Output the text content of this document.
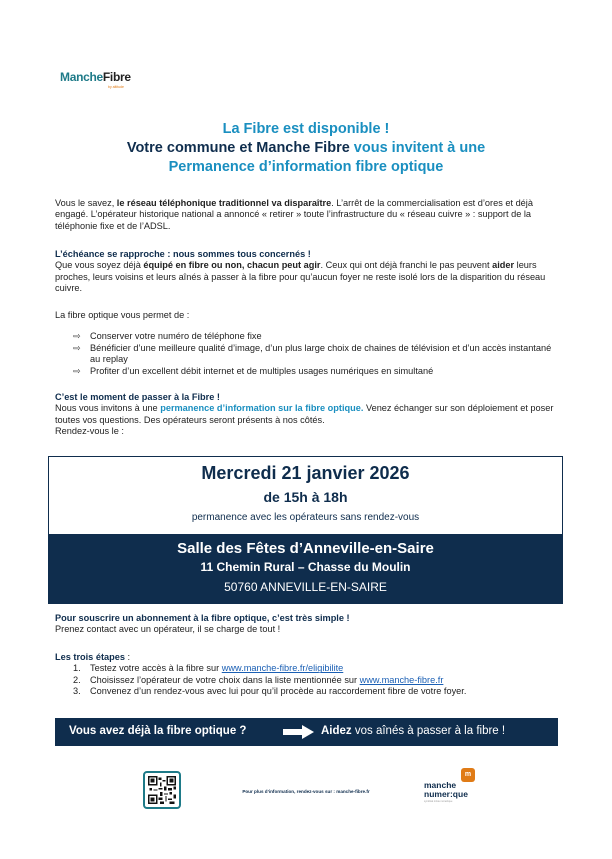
MancheFibre
by altitude
La Fibre est disponible !
Votre commune et Manche Fibre vous invitent à une
Permanence d’information fibre optique
Vous le savez, le réseau téléphonique traditionnel va disparaître. L’arrêt de la commercialisation est d’ores et déjà engagé. L’opérateur historique national a annoncé « retirer » toute l’infrastructure du « réseau cuivre » : support de la téléphonie fixe et de l’ADSL.
L’échéance se rapproche : nous sommes tous concernés !
Que vous soyez déjà équipé en fibre ou non, chacun peut agir. Ceux qui ont déjà franchi le pas peuvent aider leurs proches, leurs voisins et leurs aînés à passer à la fibre pour qu’aucun foyer ne reste isolé lors de la disparition du réseau cuivre.
La fibre optique vous permet de :
⇨ Conserver votre numéro de téléphone fixe
⇨ Bénéficier d’une meilleure qualité d’image, d’un plus large choix de chaines de télévision et d’un accès instantané au replay
⇨ Profiter d’un excellent débit internet et de multiples usages numériques en simultané
C’est le moment de passer à la Fibre !
Nous vous invitons à une permanence d’information sur la fibre optique. Venez échanger sur son déploiement et poser toutes vos questions. Des opérateurs seront présents à nos côtés.
Rendez-vous le :
Mercredi 21 janvier 2026
de 15h à 18h
permanence avec les opérateurs sans rendez-vous
Salle des Fêtes d’Anneville-en-Saire
11 Chemin Rural – Chasse du Moulin
50760 ANNEVILLE-EN-SAIRE
Pour souscrire un abonnement à la fibre optique, c’est très simple !
Prenez contact avec un opérateur, il se charge de tout !
Les trois étapes :
1. Testez votre accès à la fibre sur www.manche-fibre.fr/eligibilite
2. Choisissez l’opérateur de votre choix dans la liste mentionnée sur www.manche-fibre.fr
3. Convenez d’un rendez-vous avec lui pour qu’il procède au raccordement fibre de votre foyer.
Vous avez déjà la fibre optique ?	Aidez vos aînés à passer à la fibre !
Pour plus d’information, rendez-vous sur : manche-fibre.fr
m
manche
numer:que
syndicat mixte numérique
